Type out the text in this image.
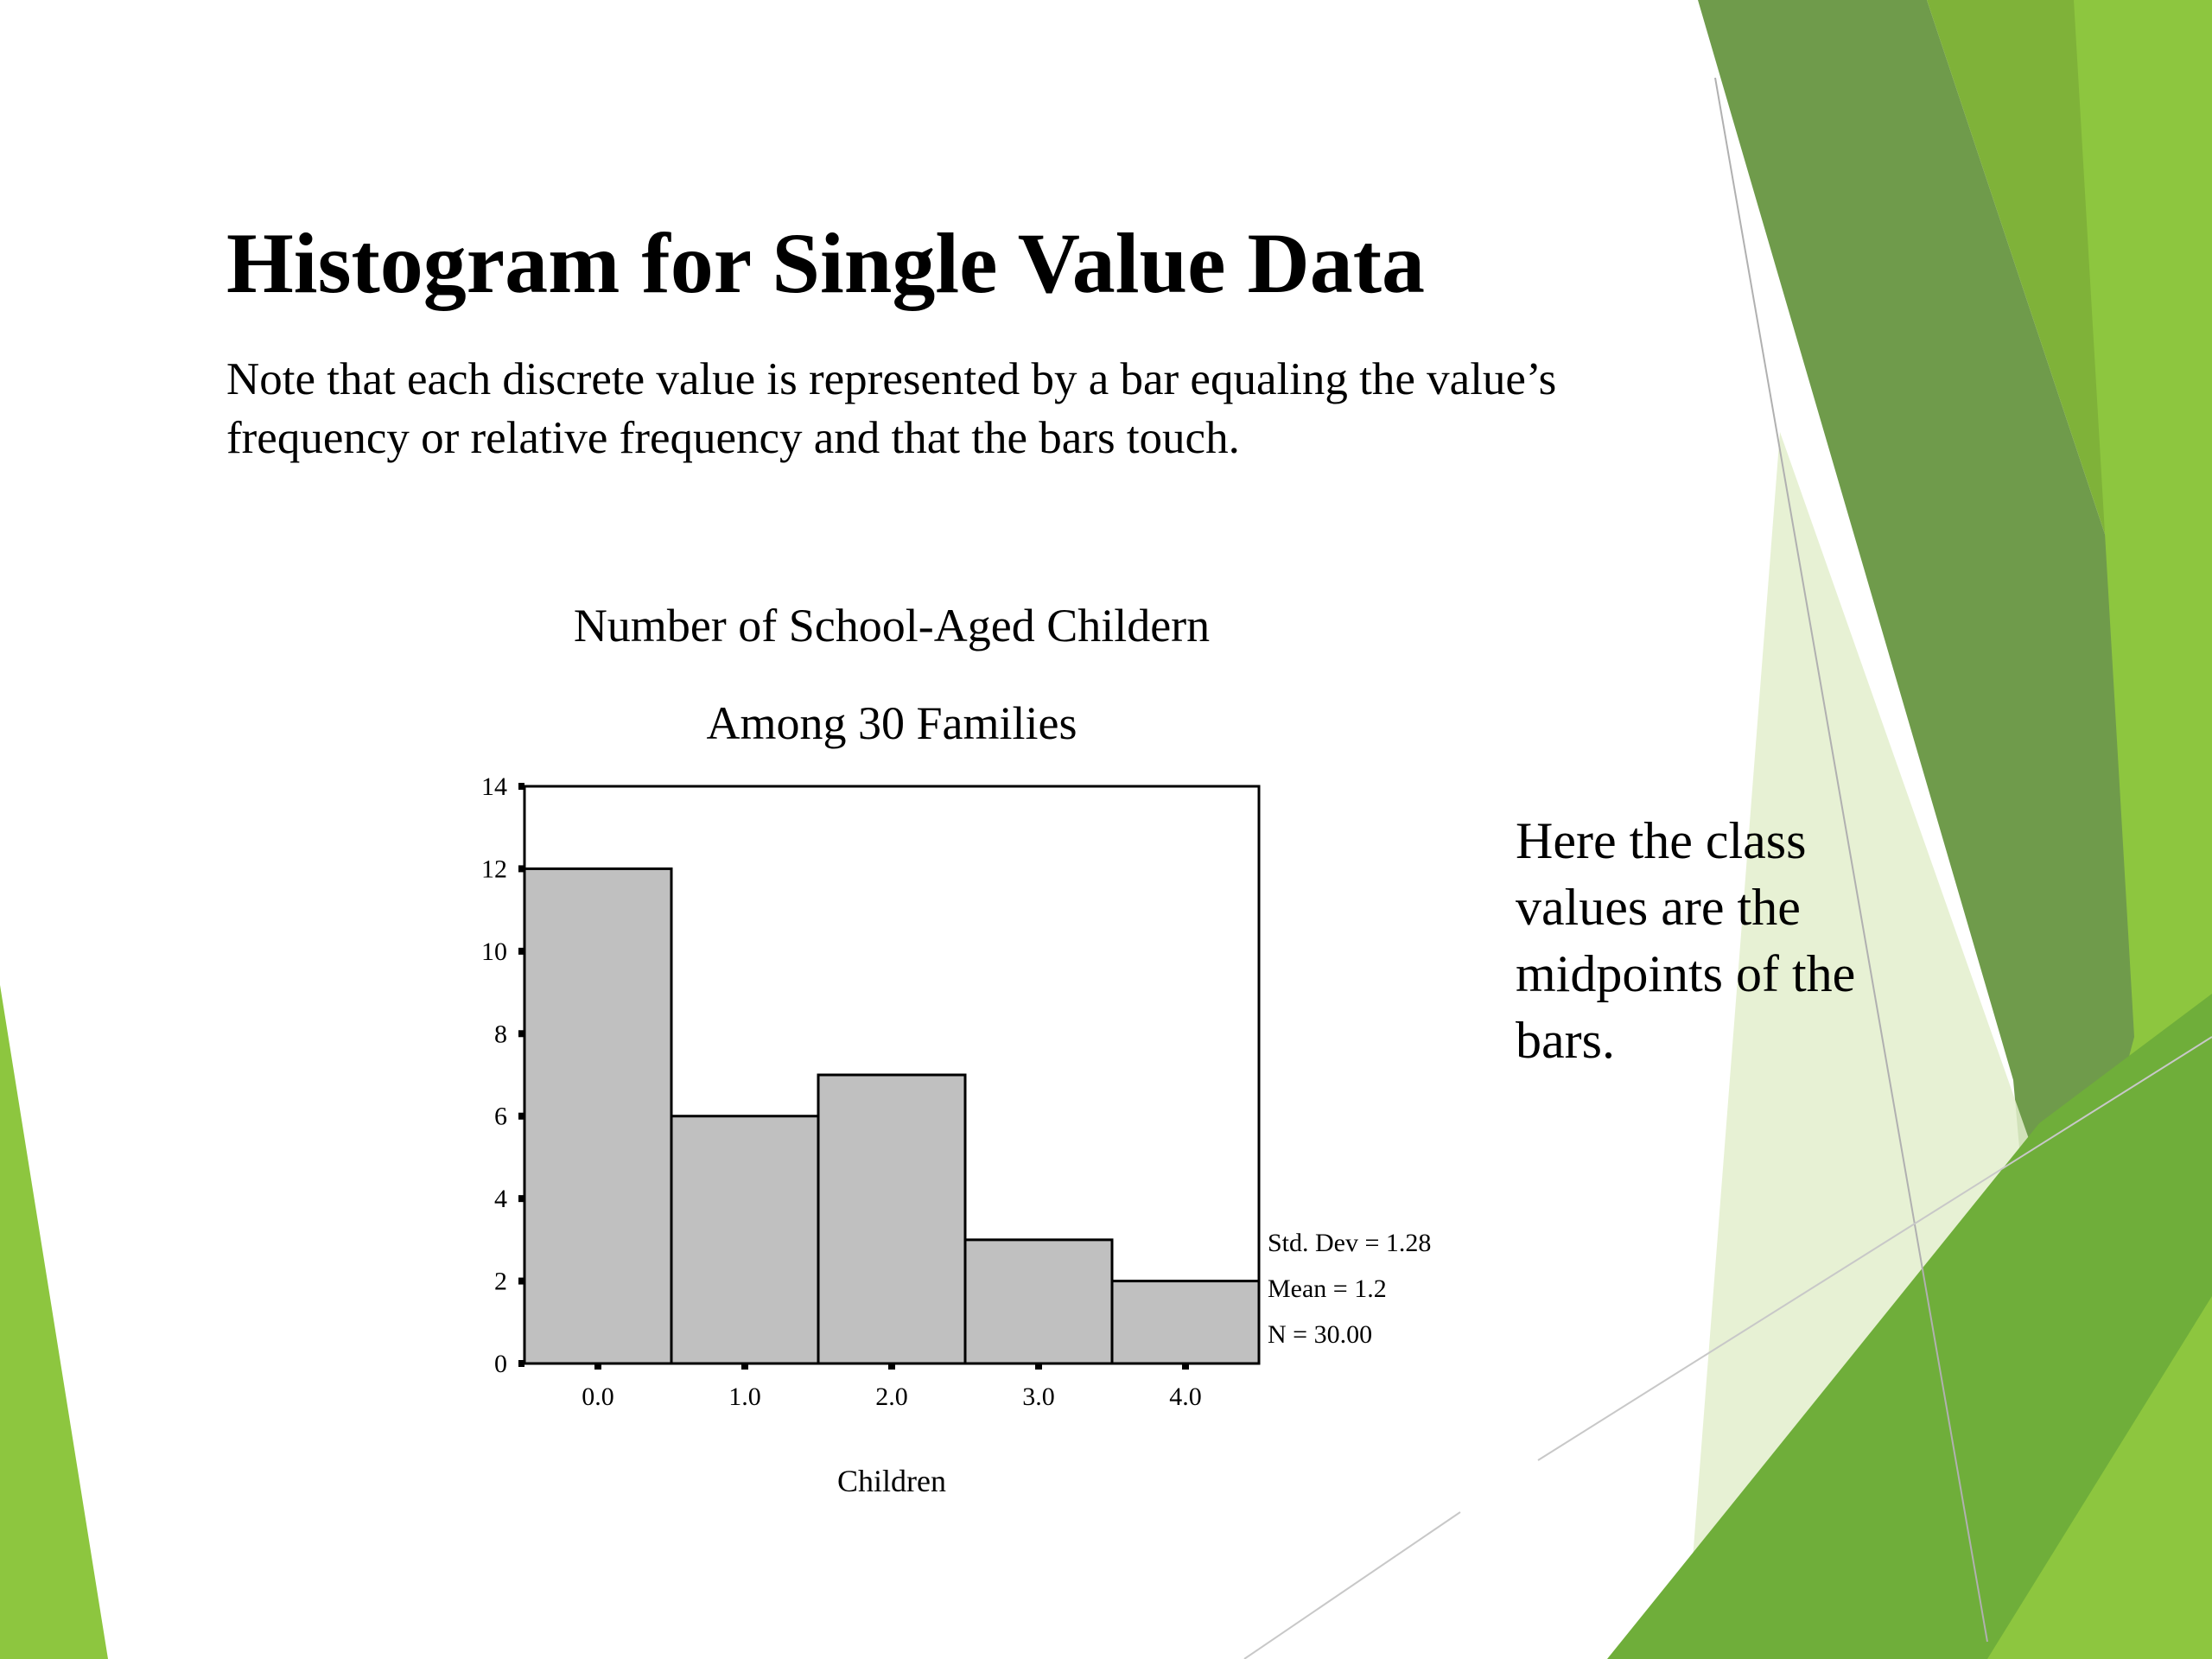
Histogram for Single Value Data
Note that each discrete value is represented by a bar equaling the value’s frequency or relative frequency and that the bars touch.
Here the class values are the midpoints of the bars.
Number of School-Aged Childern
Among 30 Families
0
2
4
6
8
10
12
14
0.0	1.0	2.0	3.0	4.0
Std. Dev = 1.28
Mean = 1.2
N = 30.00
Children
